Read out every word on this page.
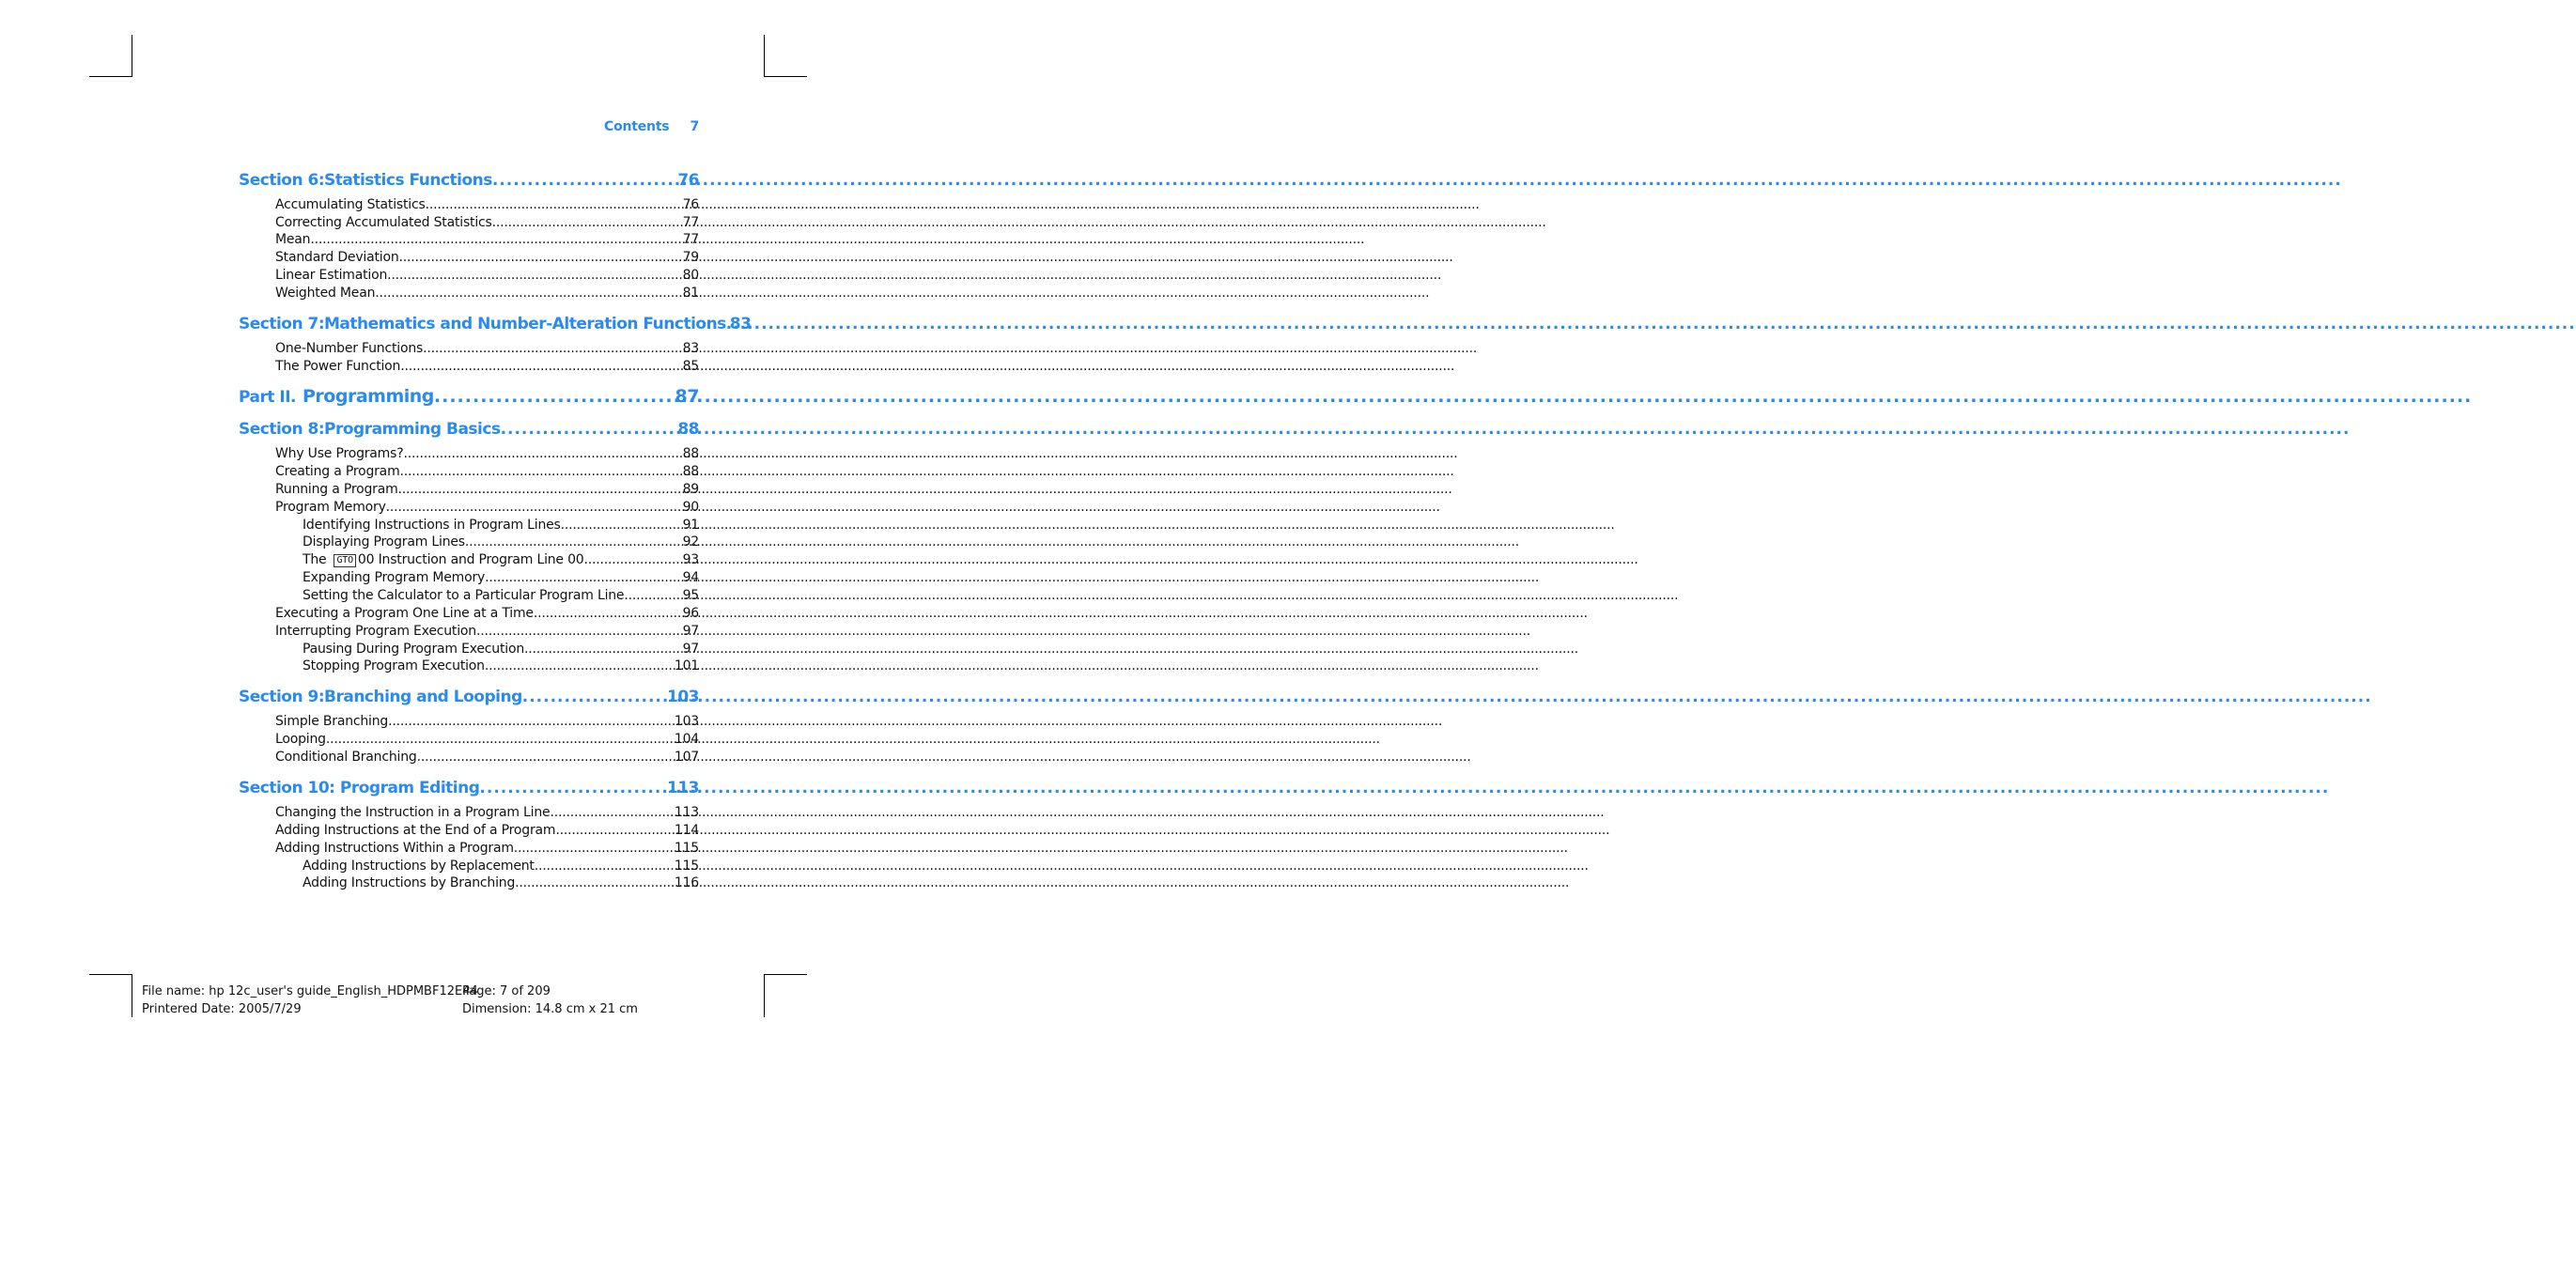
Contents 7
Section 6:Statistics Functions .....	76
Accumulating Statistics .....	76
Correcting Accumulated Statistics .....	77
Mean .....	77
Standard Deviation .....	79
Linear Estimation .....	80
Weighted Mean .....	81
Section 7:Mathematics and Number-Alteration Functions ..... 83
One-Number Functions .....	83
The Power Function .....	85
Part II. Programming .....	87
Section 8:Programming Basics .....	88
Why Use Programs? .....	88
Creating a Program .....	88
Running a Program .....	89
Program Memory .....	90
Identifying Instructions in Program Lines .....	91
Displaying Program Lines .....	92
The GTO 00 Instruction and Program Line 00 .....	93
Expanding Program Memory .....	94
Setting the Calculator to a Particular Program Line .....	95
Executing a Program One Line at a Time .....	96
Interrupting Program Execution .....	97
Pausing During Program Execution .....	97
Stopping Program Execution .....	101
Section 9:Branching and Looping .....	103
Simple Branching .....	103
Looping .....	104
Conditional Branching .....	107
Section 10: Program Editing .....	113
Changing the Instruction in a Program Line .....	113
Adding Instructions at the End of a Program .....	114
Adding Instructions Within a Program .....	115
Adding Instructions by Replacement .....	115
Adding Instructions by Branching .....	116
File name: hp 12c_user's guide_English_HDPMBF12E44
Printered Date: 2005/7/29
Page: 7 of 209
Dimension: 14.8 cm x 21 cm
